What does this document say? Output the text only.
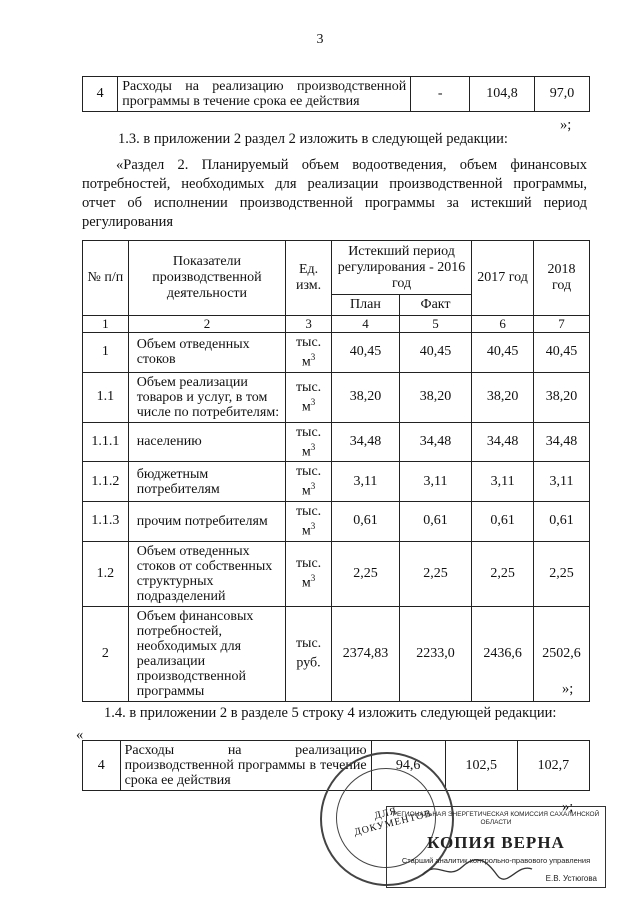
3
4	Расходы на реализацию производственной программы в течение срока ее действия	-	104,8	97,0
»;
1.3. в приложении 2 раздел 2 изложить в следующей редакции:
«Раздел 2. Планируемый объем водоотведения, объем финансовых потребностей, необходимых для реализации производственной программы, отчет об исполнении производственной программы за истекший период регулирования
№ п/п	Показатели производственной деятельности	Ед. изм.	Истекший период регулирования - 2016 год		2017 год	2018 год
			План	Факт		
1	2	3	4	5	6	7
1	Объем отведенных стоков	тыс. $м^3$	40,45	40,45	40,45	40,45
1.1	Объем реализации товаров и услуг, в том числе по потребителям:	тыс. $м^3$	38,20	38,20	38,20	38,20
1.1.1	населению	тыс. $м^3$	34,48	34,48	34,48	34,48
1.1.2	бюджетным потребителям	тыс. $м^3$	3,11	3,11	3,11	3,11
1.1.3	прочим потребителям	тыс. $м^3$	0,61	0,61	0,61	0,61
1.2	Объем отведенных стоков от собственных структурных подразделений	тыс. $м^3$	2,25	2,25	2,25	2,25
2	Объем финансовых потребностей, необходимых для реализации производственной программы	тыс. руб.	2374,83	2233,0	2436,6	2502,6
»;
1.4. в приложении 2 в разделе 5 строку 4 изложить следующей редакции:
«
4	Расходы на реализацию производственной программы в течение срока ее действия	94,6	102,5	102,7
»;
ДЛЯ ДОКУМЕНТОВ
РЕГИОНАЛЬНАЯ ЭНЕРГЕТИЧЕСКАЯ КОМИССИЯ САХАЛИНСКОЙ ОБЛАСТИ
КОПИЯ ВЕРНА
Старший аналитик контрольно-правового управления
Е.В. Устюгова
